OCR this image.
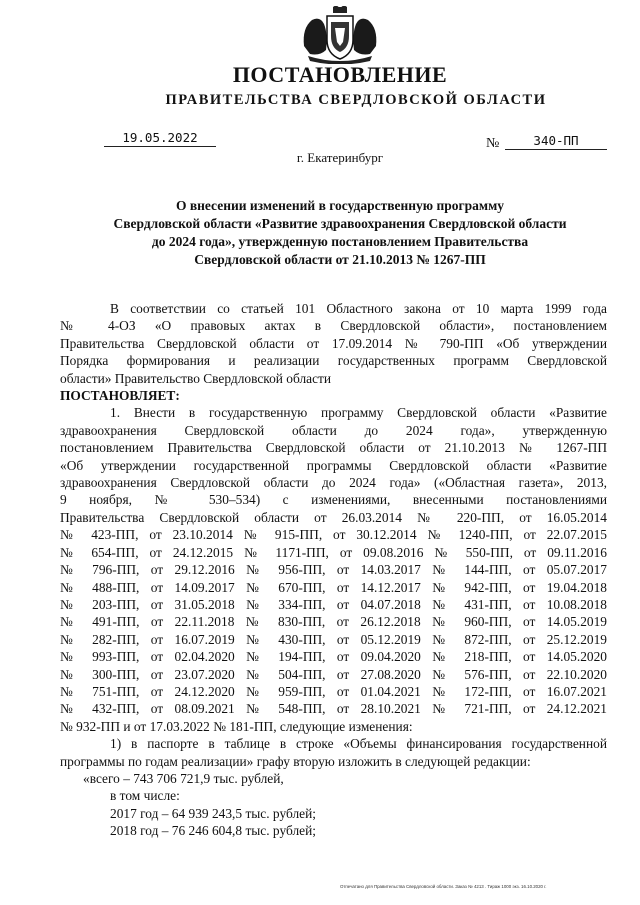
ПОСТАНОВЛЕНИЕ
ПРАВИТЕЛЬСТВА СВЕРДЛОВСКОЙ ОБЛАСТИ
19.05.2022	№	340-ПП
г. Екатеринбург
О внесении изменений в государственную программу
Свердловской области «Развитие здравоохранения Свердловской области
до 2024 года», утвержденную постановлением Правительства
Свердловской области от 21.10.2013 № 1267-ПП
В соответствии со статьей 101 Областного закона от 10 марта 1999 года
№ 4-ОЗ «О правовых актах в Свердловской области», постановлением
Правительства Свердловской области от 17.09.2014 № 790-ПП «Об утверждении
Порядка формирования и реализации государственных программ Свердловской
области» Правительство Свердловской области
ПОСТАНОВЛЯЕТ:
1. Внести в государственную программу Свердловской области «Развитие
здравоохранения Свердловской области до 2024 года», утвержденную
постановлением Правительства Свердловской области от 21.10.2013 № 1267-ПП
«Об утверждении государственной программы Свердловской области «Развитие
здравоохранения Свердловской области до 2024 года» («Областная газета», 2013,
9 ноября, № 530–534) с изменениями, внесенными постановлениями
Правительства Свердловской области от 26.03.2014 № 220-ПП, от 16.05.2014
№ 423-ПП, от 23.10.2014 № 915-ПП, от 30.12.2014 № 1240-ПП, от 22.07.2015
№ 654-ПП, от 24.12.2015 № 1171-ПП, от 09.08.2016 № 550-ПП, от 09.11.2016
№ 796-ПП, от 29.12.2016 № 956-ПП, от 14.03.2017 № 144-ПП, от 05.07.2017
№ 488-ПП, от 14.09.2017 № 670-ПП, от 14.12.2017 № 942-ПП, от 19.04.2018
№ 203-ПП, от 31.05.2018 № 334-ПП, от 04.07.2018 № 431-ПП, от 10.08.2018
№ 491-ПП, от 22.11.2018 № 830-ПП, от 26.12.2018 № 960-ПП, от 14.05.2019
№ 282-ПП, от 16.07.2019 № 430-ПП, от 05.12.2019 № 872-ПП, от 25.12.2019
№ 993-ПП, от 02.04.2020 № 194-ПП, от 09.04.2020 № 218-ПП, от 14.05.2020
№ 300-ПП, от 23.07.2020 № 504-ПП, от 27.08.2020 № 576-ПП, от 22.10.2020
№ 751-ПП, от 24.12.2020 № 959-ПП, от 01.04.2021 № 172-ПП, от 16.07.2021
№ 432-ПП, от 08.09.2021 № 548-ПП, от 28.10.2021 № 721-ПП, от 24.12.2021
№ 932-ПП и от 17.03.2022 № 181-ПП, следующие изменения:
1) в паспорте в таблице в строке «Объемы финансирования государственной
программы по годам реализации» графу вторую изложить в следующей редакции:
«всего – 743 706 721,9 тыс. рублей,
в том числе:
2017 год – 64 939 243,5 тыс. рублей;
2018 год – 76 246 604,8 тыс. рублей;
Отпечатано для Правительства Свердловской области. Заказ № 4213 . Тираж 1000 экз. 16.10.2020 г.
